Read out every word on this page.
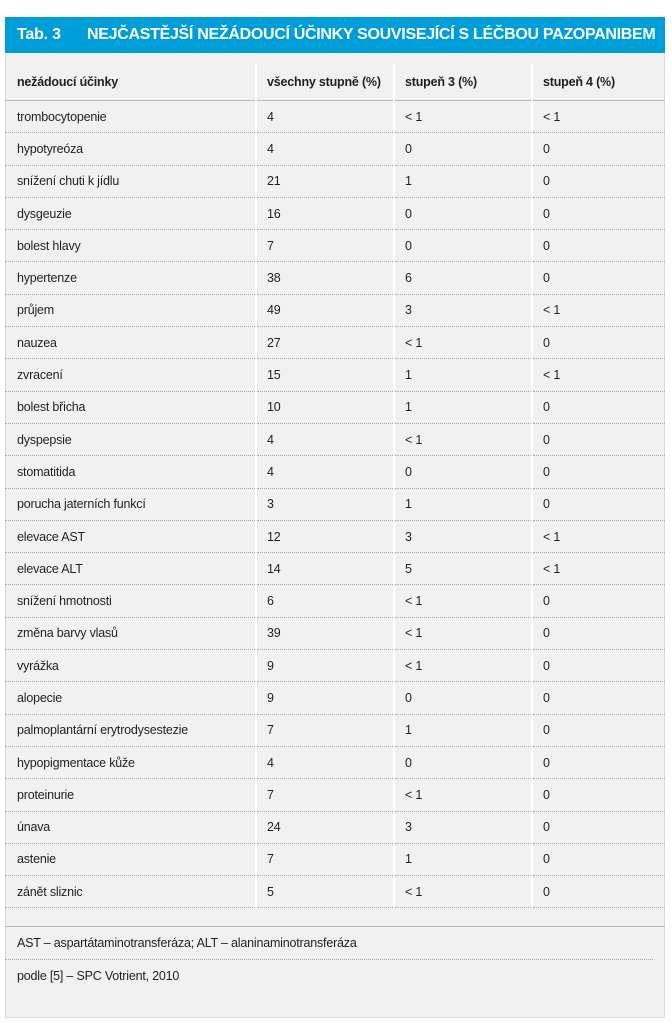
Tab. 3	NEJČASTĚJŠÍ NEŽÁDOUCÍ ÚČINKY SOUVISEJÍCÍ S LÉČBOU PAZOPANIBEM
nežádoucí účinky	všechny stupně (%)	stupeň 3 (%)	stupeň 4 (%)
trombocytopenie	4	< 1	< 1
hypotyreóza	4	0	0
snížení chuti k jídlu	21	1	0
dysgeuzie	16	0	0
bolest hlavy	7	0	0
hypertenze	38	6	0
průjem	49	3	< 1
nauzea	27	< 1	0
zvracení	15	1	< 1
bolest břicha	10	1	0
dyspepsie	4	< 1	0
stomatitida	4	0	0
porucha jaterních funkcí	3	1	0
elevace AST	12	3	< 1
elevace ALT	14	5	< 1
snížení hmotnosti	6	< 1	0
změna barvy vlasů	39	< 1	0
vyrážka	9	< 1	0
alopecie	9	0	0
palmoplantární erytrodysestezie	7	1	0
hypopigmentace kůže	4	0	0
proteinurie	7	< 1	0
únava	24	3	0
astenie	7	1	0
zánět sliznic	5	< 1	0
AST – aspartátaminotransferáza; ALT – alaninaminotransferáza
podle [5] – SPC Votrient, 2010
